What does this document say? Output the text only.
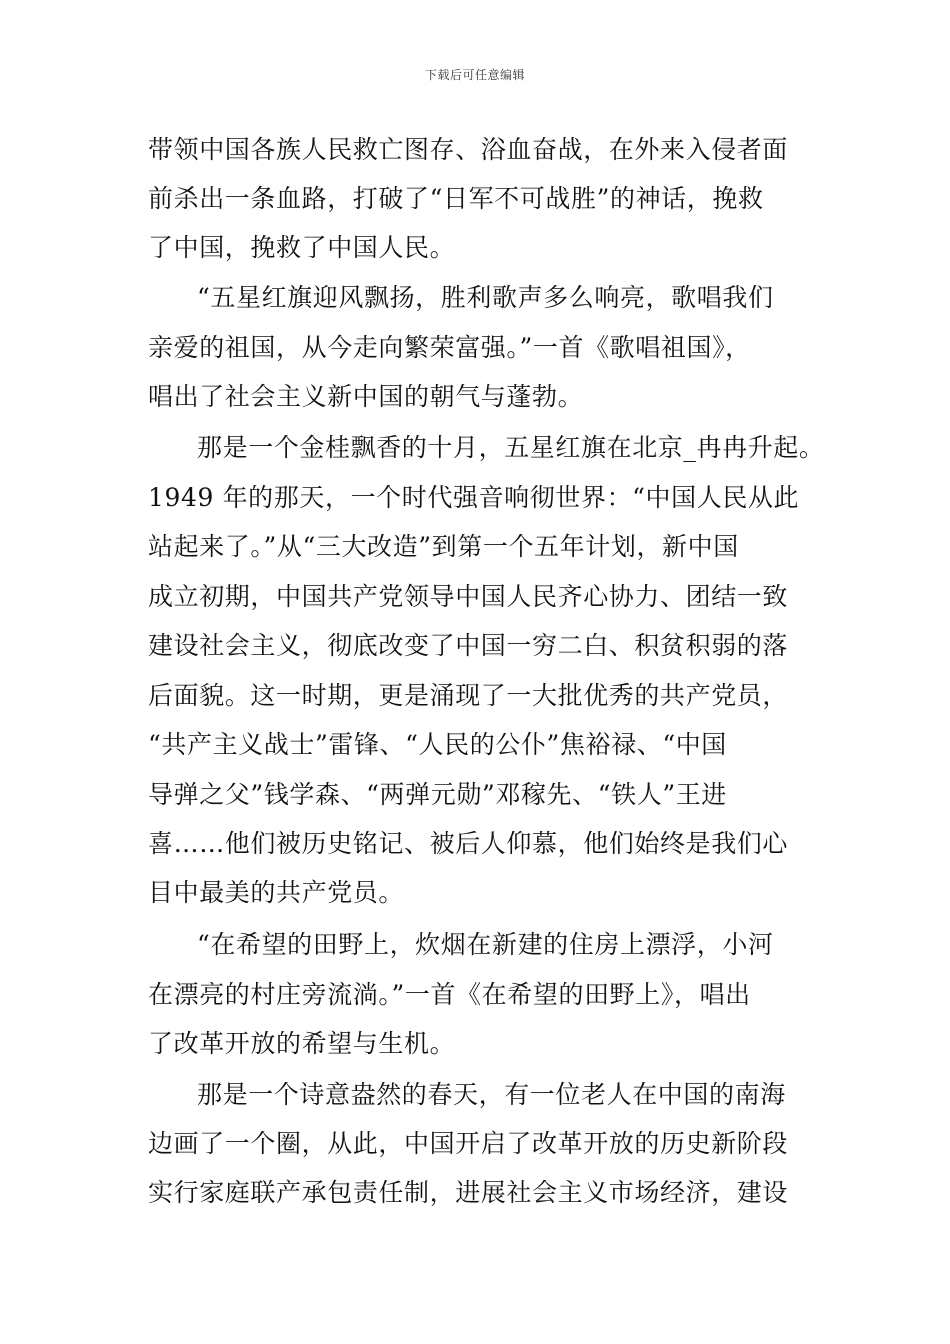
下载后可任意编辑
带领中国各族人民救亡图存、浴血奋战，在外来入侵者面
前杀出一条血路，打破了“日军不可战胜”的神话，挽救
了中国，挽救了中国人民。
“五星红旗迎风飘扬，胜利歌声多么响亮，歌唱我们
亲爱的祖国，从今走向繁荣富强。”一首《歌唱祖国》，
唱出了社会主义新中国的朝气与蓬勃。
那是一个金桂飘香的十月，五星红旗在北京_冉冉升起。
1949 年的那天，一个时代强音响彻世界：“中国人民从此
站起来了。”从“三大改造”到第一个五年计划，新中国
成立初期，中国共产党领导中国人民齐心协力、团结一致
建设社会主义，彻底改变了中国一穷二白、积贫积弱的落
后面貌。这一时期，更是涌现了一大批优秀的共产党员，
“共产主义战士”雷锋、“人民的公仆”焦裕禄、“中国
导弹之父”钱学森、“两弹元勋”邓稼先、“铁人”王进
喜……他们被历史铭记、被后人仰慕，他们始终是我们心
目中最美的共产党员。
“在希望的田野上，炊烟在新建的住房上漂浮，小河
在漂亮的村庄旁流淌。”一首《在希望的田野上》，唱出
了改革开放的希望与生机。
那是一个诗意盎然的春天，有一位老人在中国的南海
边画了一个圈，从此，中国开启了改革开放的历史新阶段
实行家庭联产承包责任制，进展社会主义市场经济，建设
